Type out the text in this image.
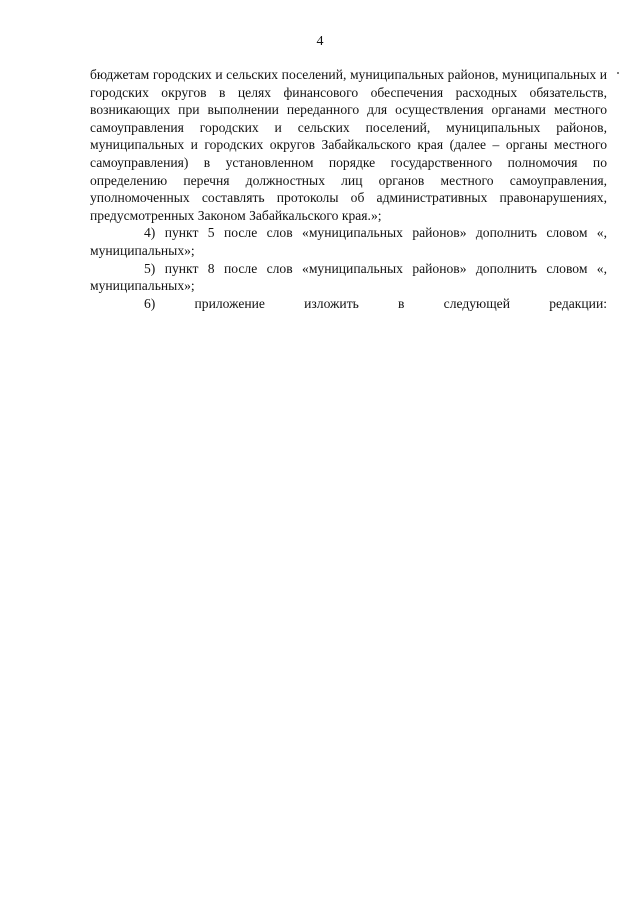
4

бюджетам городских и сельских поселений, муниципальных районов, муниципальных и городских округов в целях финансового обеспечения расходных обязательств, возникающих при выполнении переданного для осуществления органами местного самоуправления городских и сельских поселений, муниципальных районов, муниципальных и городских округов Забайкальского края (далее – органы местного самоуправления) в установленном порядке государственного полномочия по определению перечня должностных лиц органов местного самоуправления, уполномоченных составлять протоколы об административных правонарушениях, предусмотренных Законом Забайкальского края.»;

4) пункт 5 после слов «муниципальных районов» дополнить словом «, муниципальных»;

5) пункт 8 после слов «муниципальных районов» дополнить словом «, муниципальных»;

6) приложение изложить в следующей редакции:
